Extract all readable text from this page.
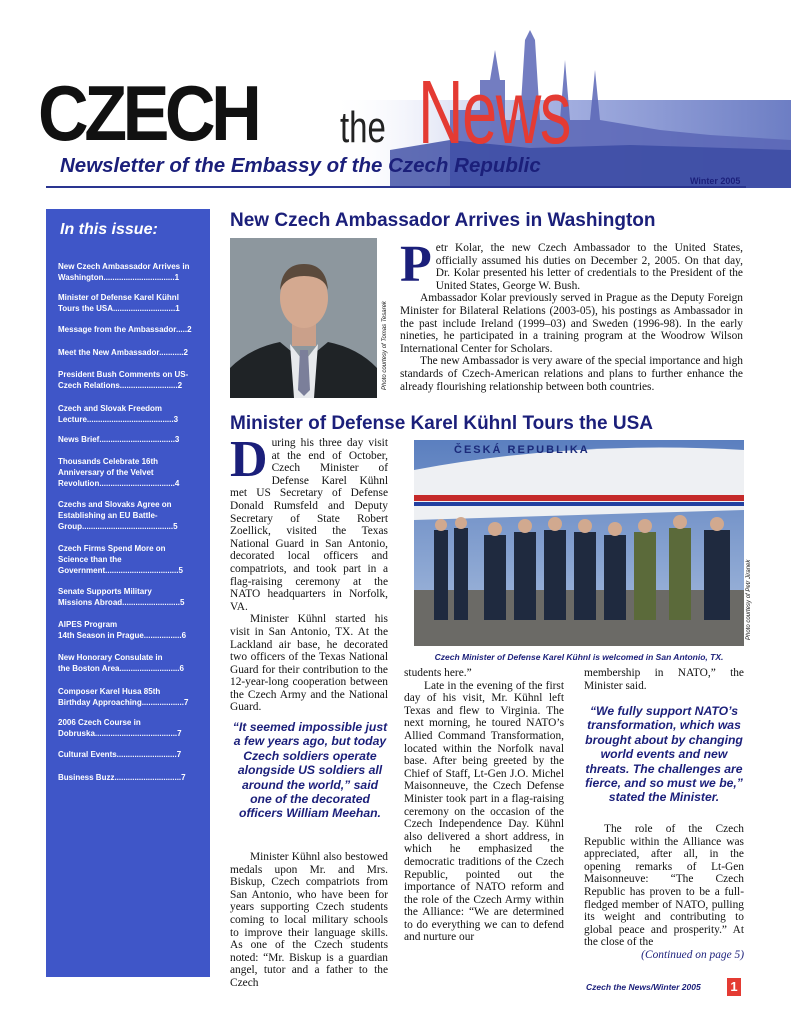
CZECH the News
Newsletter of the Embassy of the Czech Republic
Winter 2005
In this issue:
New Czech Ambassador Arrives in
Washington................................1
Minister of Defense Karel Kühnl
Tours the USA............................1
Message from the Ambassador.....2
Meet the New Ambassador...........2
President Bush Comments on US-
Czech Relations..........................2
Czech and Slovak Freedom
Lecture.......................................3
News Brief..................................3
Thousands Celebrate 16th
Anniversary of the Velvet
Revolution..................................4
Czechs and Slovaks Agree on
Establishing an EU Battle-
Group.........................................5
Czech Firms Spend More on
Science than the
Government.................................5
Senate Supports Military
Missions Abroad..........................5
AIPES Program
14th Season in Prague.................6
New Honorary Consulate in
the Boston Area...........................6
Composer Karel Husa 85th
Birthday Approaching...................7
2006 Czech Course in
Dobruska.....................................7
Cultural Events...........................7
Business Buzz..............................7
New Czech Ambassador Arrives in Washington
Photo courtesy of Tomas Tesarek
P etr Kolar, the new Czech Ambassador to the United States, officially assumed his duties on December 2, 2005. On that day, Dr. Kolar presented his letter of credentials to the President of the United States, George W. Bush.

Ambassador Kolar previously served in Prague as the Deputy Foreign Minister for Bilateral Relations (2003-05), his postings as Ambassador in the past include Ireland (1999–03) and Sweden (1996-98). In the early nineties, he participated in a training program at the Woodrow Wilson International Center for Scholars.

The new Ambassador is very aware of the special importance and high standards of Czech-American relations and plans to further enhance the already flourishing relationship between both countries.

Minister of Defense Karel Kühnl Tours the USA
D uring his three day visit at the end of October, Czech Minister of Defense Karel Kühnl met US Secretary of Defense Donald Rumsfeld and Deputy Secretary of State Robert Zoellick, visited the Texas National Guard in San Antonio, decorated local officers and compatriots, and took part in a flag-raising ceremony at the NATO headquarters in Norfolk, VA.

Minister Kühnl started his visit in San Antonio, TX. At the Lackland air base, he decorated two officers of the Texas National Guard for their contribution to the 12-year-long cooperation between the Czech Army and the National Guard.

“It seemed impossible just a few years ago, but today Czech soldiers operate alongside US soldiers all around the world,” said one of the decorated officers William Meehan.

Minister Kühnl also bestowed medals upon Mr. and Mrs. Biskup, Czech compatriots from San Antonio, who have been for years supporting Czech students coming to local military schools to improve their language skills. As one of the Czech students noted: “Mr. Biskup is a guardian angel, tutor and a father to the Czech

ČESKÁ REPUBLIKA
Photo courtesy of Petr Jiranek
Czech Minister of Defense Karel Kühnl is welcomed in San Antonio, TX.

students here.”

Late in the evening of the first day of his visit, Mr. Kühnl left Texas and flew to Virginia. The next morning, he toured NATO’s Allied Command Transformation, located within the Norfolk naval base. After being greeted by the Chief of Staff, Lt-Gen J.O. Michel Maisonneuve, the Czech Defense Minister took part in a flag-raising ceremony on the occasion of the Czech Independence Day. Kühnl also delivered a short address, in which he emphasized the democratic traditions of the Czech Republic, pointed out the importance of NATO reform and the role of the Czech Army within the Alliance: “We are determined to do everything we can to defend and nurture our

membership in NATO,” the Minister said.

“We fully support NATO’s transformation, which was brought about by changing world events and new threats. The challenges are fierce, and so must we be,” stated the Minister.

The role of the Czech Republic within the Alliance was appreciated, after all, in the opening remarks of Lt-Gen Maisonneuve: “The Czech Republic has proven to be a full-fledged member of NATO, pulling its weight and contributing to global peace and prosperity.” At the close of the

(Continued on page 5)

Czech the News/Winter 2005 1
